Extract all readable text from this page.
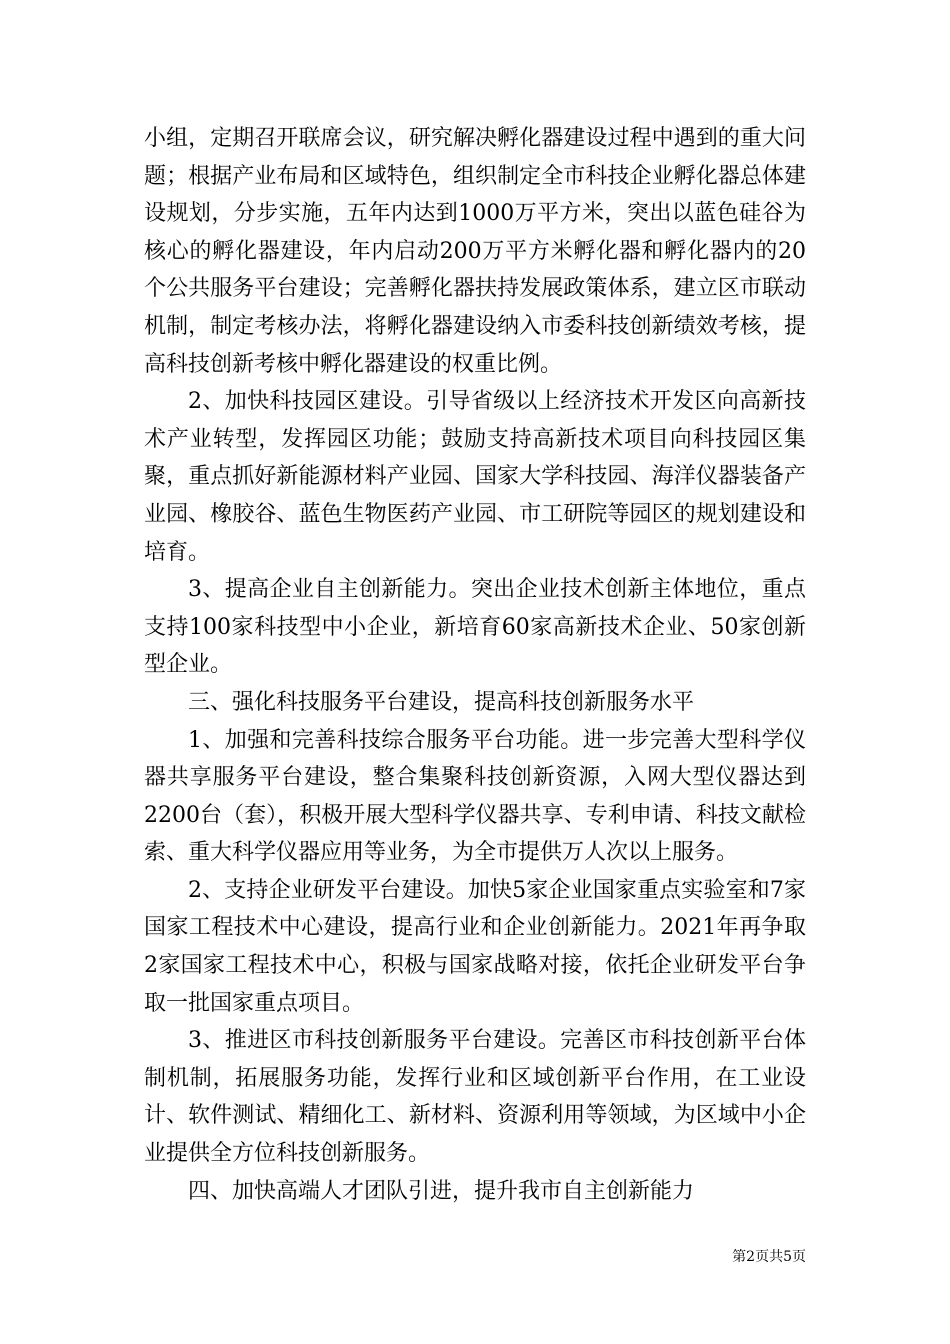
小组，定期召开联席会议，研究解决孵化器建设过程中遇到的重大问题；根据产业布局和区域特色，组织制定全市科技企业孵化器总体建设规划，分步实施，五年内达到1000万平方米，突出以蓝色硅谷为核心的孵化器建设，年内启动200万平方米孵化器和孵化器内的20个公共服务平台建设；完善孵化器扶持发展政策体系，建立区市联动机制，制定考核办法，将孵化器建设纳入市委科技创新绩效考核，提高科技创新考核中孵化器建设的权重比例。

2、加快科技园区建设。引导省级以上经济技术开发区向高新技术产业转型，发挥园区功能；鼓励支持高新技术项目向科技园区集聚，重点抓好新能源材料产业园、国家大学科技园、海洋仪器装备产业园、橡胶谷、蓝色生物医药产业园、市工研院等园区的规划建设和培育。

3、提高企业自主创新能力。突出企业技术创新主体地位，重点支持100家科技型中小企业，新培育60家高新技术企业、50家创新型企业。

三、强化科技服务平台建设，提高科技创新服务水平

1、加强和完善科技综合服务平台功能。进一步完善大型科学仪器共享服务平台建设，整合集聚科技创新资源，入网大型仪器达到2200台（套），积极开展大型科学仪器共享、专利申请、科技文献检索、重大科学仪器应用等业务，为全市提供万人次以上服务。

2、支持企业研发平台建设。加快5家企业国家重点实验室和7家国家工程技术中心建设，提高行业和企业创新能力。2021年再争取2家国家工程技术中心，积极与国家战略对接，依托企业研发平台争取一批国家重点项目。

3、推进区市科技创新服务平台建设。完善区市科技创新平台体制机制，拓展服务功能，发挥行业和区域创新平台作用，在工业设计、软件测试、精细化工、新材料、资源利用等领域，为区域中小企业提供全方位科技创新服务。

四、加快高端人才团队引进，提升我市自主创新能力

第2页共5页
